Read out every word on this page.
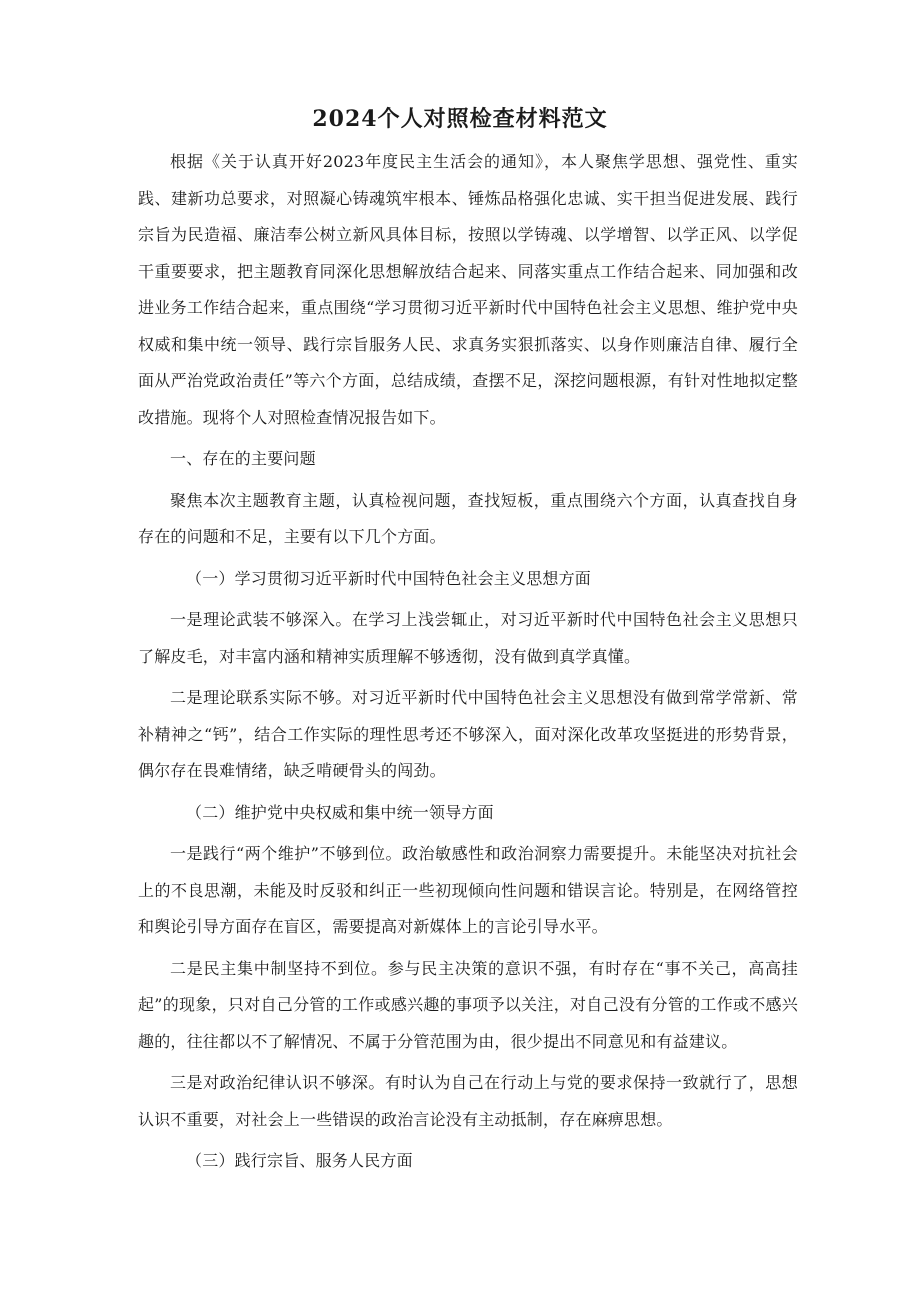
2024个人对照检查材料范文

根据《关于认真开好2023年度民主生活会的通知》，本人聚焦学思想、强党性、重实践、建新功总要求，对照凝心铸魂筑牢根本、锤炼品格强化忠诚、实干担当促进发展、践行宗旨为民造福、廉洁奉公树立新风具体目标，按照以学铸魂、以学增智、以学正风、以学促干重要要求，把主题教育同深化思想解放结合起来、同落实重点工作结合起来、同加强和改进业务工作结合起来，重点围绕“学习贯彻习近平新时代中国特色社会主义思想、维护党中央权威和集中统一领导、践行宗旨服务人民、求真务实狠抓落实、以身作则廉洁自律、履行全面从严治党政治责任”等六个方面，总结成绩，查摆不足，深挖问题根源，有针对性地拟定整改措施。现将个人对照检查情况报告如下。

一、存在的主要问题

聚焦本次主题教育主题，认真检视问题，查找短板，重点围绕六个方面，认真查找自身存在的问题和不足，主要有以下几个方面。

（一）学习贯彻习近平新时代中国特色社会主义思想方面

一是理论武装不够深入。在学习上浅尝辄止，对习近平新时代中国特色社会主义思想只了解皮毛，对丰富内涵和精神实质理解不够透彻，没有做到真学真懂。

二是理论联系实际不够。对习近平新时代中国特色社会主义思想没有做到常学常新、常补精神之“钙”，结合工作实际的理性思考还不够深入，面对深化改革攻坚挺进的形势背景，偶尔存在畏难情绪，缺乏啃硬骨头的闯劲。

（二）维护党中央权威和集中统一领导方面

一是践行“两个维护”不够到位。政治敏感性和政治洞察力需要提升。未能坚决对抗社会上的不良思潮，未能及时反驳和纠正一些初现倾向性问题和错误言论。特别是，在网络管控和舆论引导方面存在盲区，需要提高对新媒体上的言论引导水平。

二是民主集中制坚持不到位。参与民主决策的意识不强，有时存在“事不关己，高高挂起”的现象，只对自己分管的工作或感兴趣的事项予以关注，对自己没有分管的工作或不感兴趣的，往往都以不了解情况、不属于分管范围为由，很少提出不同意见和有益建议。

三是对政治纪律认识不够深。有时认为自己在行动上与党的要求保持一致就行了，思想认识不重要，对社会上一些错误的政治言论没有主动抵制，存在麻痹思想。

（三）践行宗旨、服务人民方面
